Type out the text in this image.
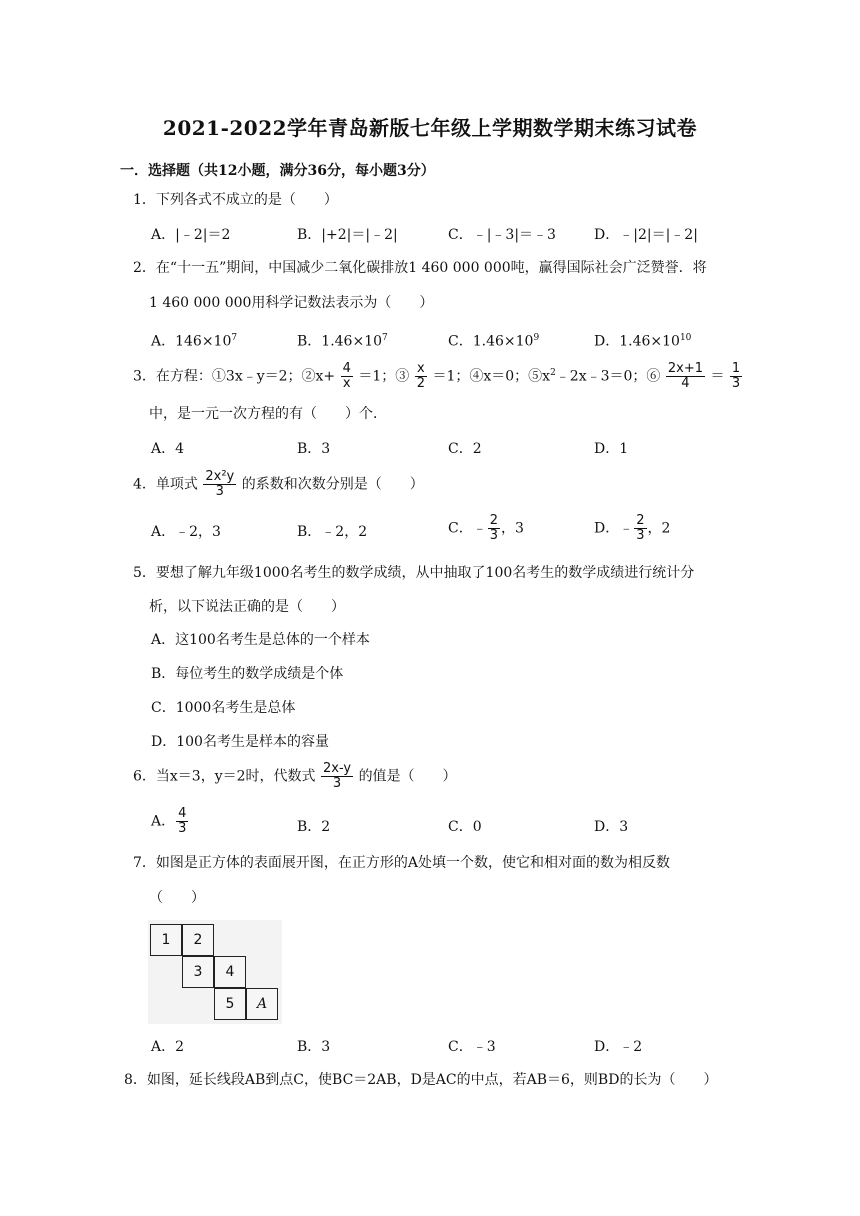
2021-2022学年青岛新版七年级上学期数学期末练习试卷
一．选择题（共12小题，满分36分，每小题3分）
1．下列各式不成立的是（　　）
A．|﹣2|＝2	B．|+2|＝|﹣2|	C．﹣|﹣3|＝﹣3	D．﹣|2|＝|﹣2|
2．在“十一五”期间，中国减少二氧化碳排放1 460 000 000吨，赢得国际社会广泛赞誉．将
1 460 000 000用科学记数法表示为（　　）
A．$146\times 10^7$	B．$1.46\times 10^7$	C．$1.46\times 10^9$	D．$1.46\times 10^{10}$
3．在方程：①3x﹣y＝2；②x+ $\frac{4}{x} =1$；③ $\frac{x}{2} =1$；④x＝0；$⑤x^2﹣2x﹣3=0$；⑥ $\frac{2x+1}{4} = \frac{1}{3}$
中，是一元一次方程的有（　　）个．
A．4	B．3	C．2	D．1
4．单项式 $\frac{\text{2x²y}}{3}$ 的系数和次数分别是（　　）
A．﹣2，3	B．﹣2，2	C．﹣ $\frac{2}{3}$ ，3	D．﹣ $\frac{2}{3}$ ，2
5．要想了解九年级1000名考生的数学成绩，从中抽取了100名考生的数学成绩进行统计分
析，以下说法正确的是（　　）
A．这100名考生是总体的一个样本
B．每位考生的数学成绩是个体
C．1000名考生是总体
D．100名考生是样本的容量
6．当x＝3，y＝2时，代数式 $\frac{2x-y}{3}$ 的值是（　　）
A． $\frac{4}{3}$	B．2	C．0	D．3
7．如图是正方体的表面展开图，在正方形的A处填一个数，使它和相对面的数为相反数
（　　）
1	2
3	4
5	A
A．2	B．3	C．﹣3	D．﹣2
8．如图，延长线段AB到点C，使BC＝2AB，D是AC的中点，若AB＝6，则BD的长为（　　）
